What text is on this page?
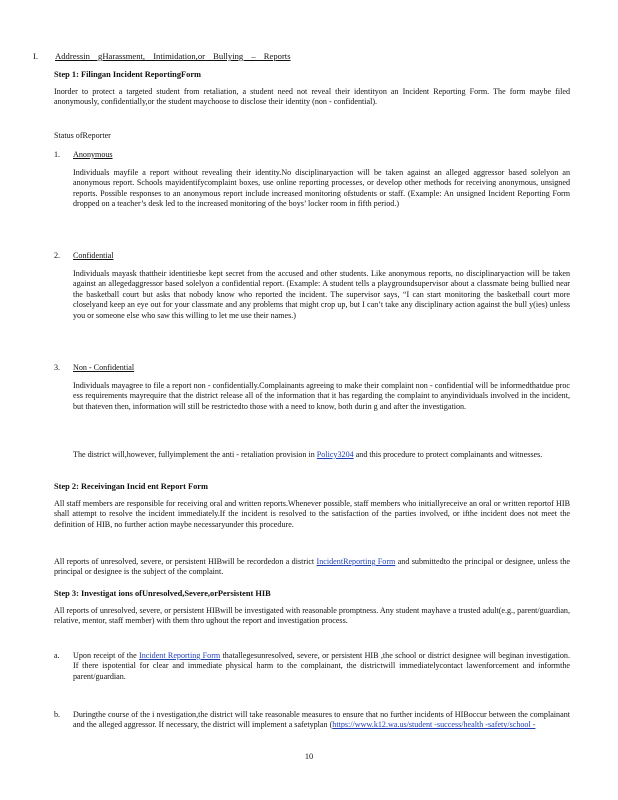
I. Addressin gHarassment, Intimidation,or Bullying – Reports
Step 1: Filingan Incident ReportingForm

Inorder to protect a targeted student from retaliation, a student need not reveal their identityon an Incident Reporting Form. The form maybe filed anonymously, confidentially,or the student maychoose to disclose their identity (non - confidential).

Status ofReporter

1. Anonymous

Individuals mayfile a report without revealing their identity.No disciplinaryaction will be taken against an alleged aggressor based solelyon an anonymous report. Schools mayidentifycomplaint boxes, use online reporting processes, or develop other methods for receiving anonymous, unsigned reports. Possible responses to an anonymous report include increased monitoring ofstudents or staff. (Example: An unsigned Incident Reporting Form dropped on a teacher’s desk led to the increased monitoring of the boys’ locker room in fifth period.)

2. Confidential

Individuals mayask thattheir identitiesbe kept secret from the accused and other students. Like anonymous reports, no disciplinaryaction will be taken against an allegedaggressor based solelyon a confidential report. (Example: A student tells a playgroundsupervisor about a classmate being bullied near the basketball court but asks that nobody know who reported the incident. The supervisor says, “I can start monitoring the basketball court more closelyand keep an eye out for your classmate and any problems that might crop up, but I can’t take any disciplinary action against the bull y(ies) unless you or someone else who saw this willing to let me use their names.)

3. Non - Confidential

Individuals mayagree to file a report non - confidentially.Complainants agreeing to make their complaint non - confidential will be informedthatdue proc ess requirements mayrequire that the district release all of the information that it has regarding the complaint to anyindividuals involved in the incident, but thateven then, information will still be restrictedto those with a need to know, both durin g and after the investigation.

The district will,however, fullyimplement the anti - retaliation provision in Policy3204 and this procedure to protect complainants and witnesses.

Step 2: Receivingan Incid ent Report Form

All staff members are responsible for receiving oral and written reports.Whenever possible, staff members who initiallyreceive an oral or written reportof HIB shall attempt to resolve the incident immediately.If the incident is resolved to the satisfaction of the parties involved, or ifthe incident does not meet the definition of HIB, no further action maybe necessaryunder this procedure.

All reports of unresolved, severe, or persistent HIBwill be recordedon a district IncidentReporting Form and submittedto the principal or designee, unless the principal or designee is the subject of the complaint.

Step 3: Investigat ions ofUnresolved,Severe,orPersistent HIB

All reports of unresolved, severe, or persistent HIBwill be investigated with reasonable promptness. Any student mayhave a trusted adult(e.g., parent/guardian, relative, mentor, staff member) with them thro ughout the report and investigation process.

a. Upon receipt of the Incident Reporting Form thatallegesunresolved, severe, or persistent HIB ,the school or district designee will beginan investigation. If there ispotential for clear and immediate physical harm to the complainant, the districtwill immediatelycontact lawenforcement and informthe parent/guardian.

b. Duringthe course of the i nvestigation,the district will take reasonable measures to ensure that no further incidents of HIBoccur between the complainant and the alleged aggressor. If necessary, the district will implement a safetyplan (https://www.k12.wa.us/student -success/health -safety/school -

10
